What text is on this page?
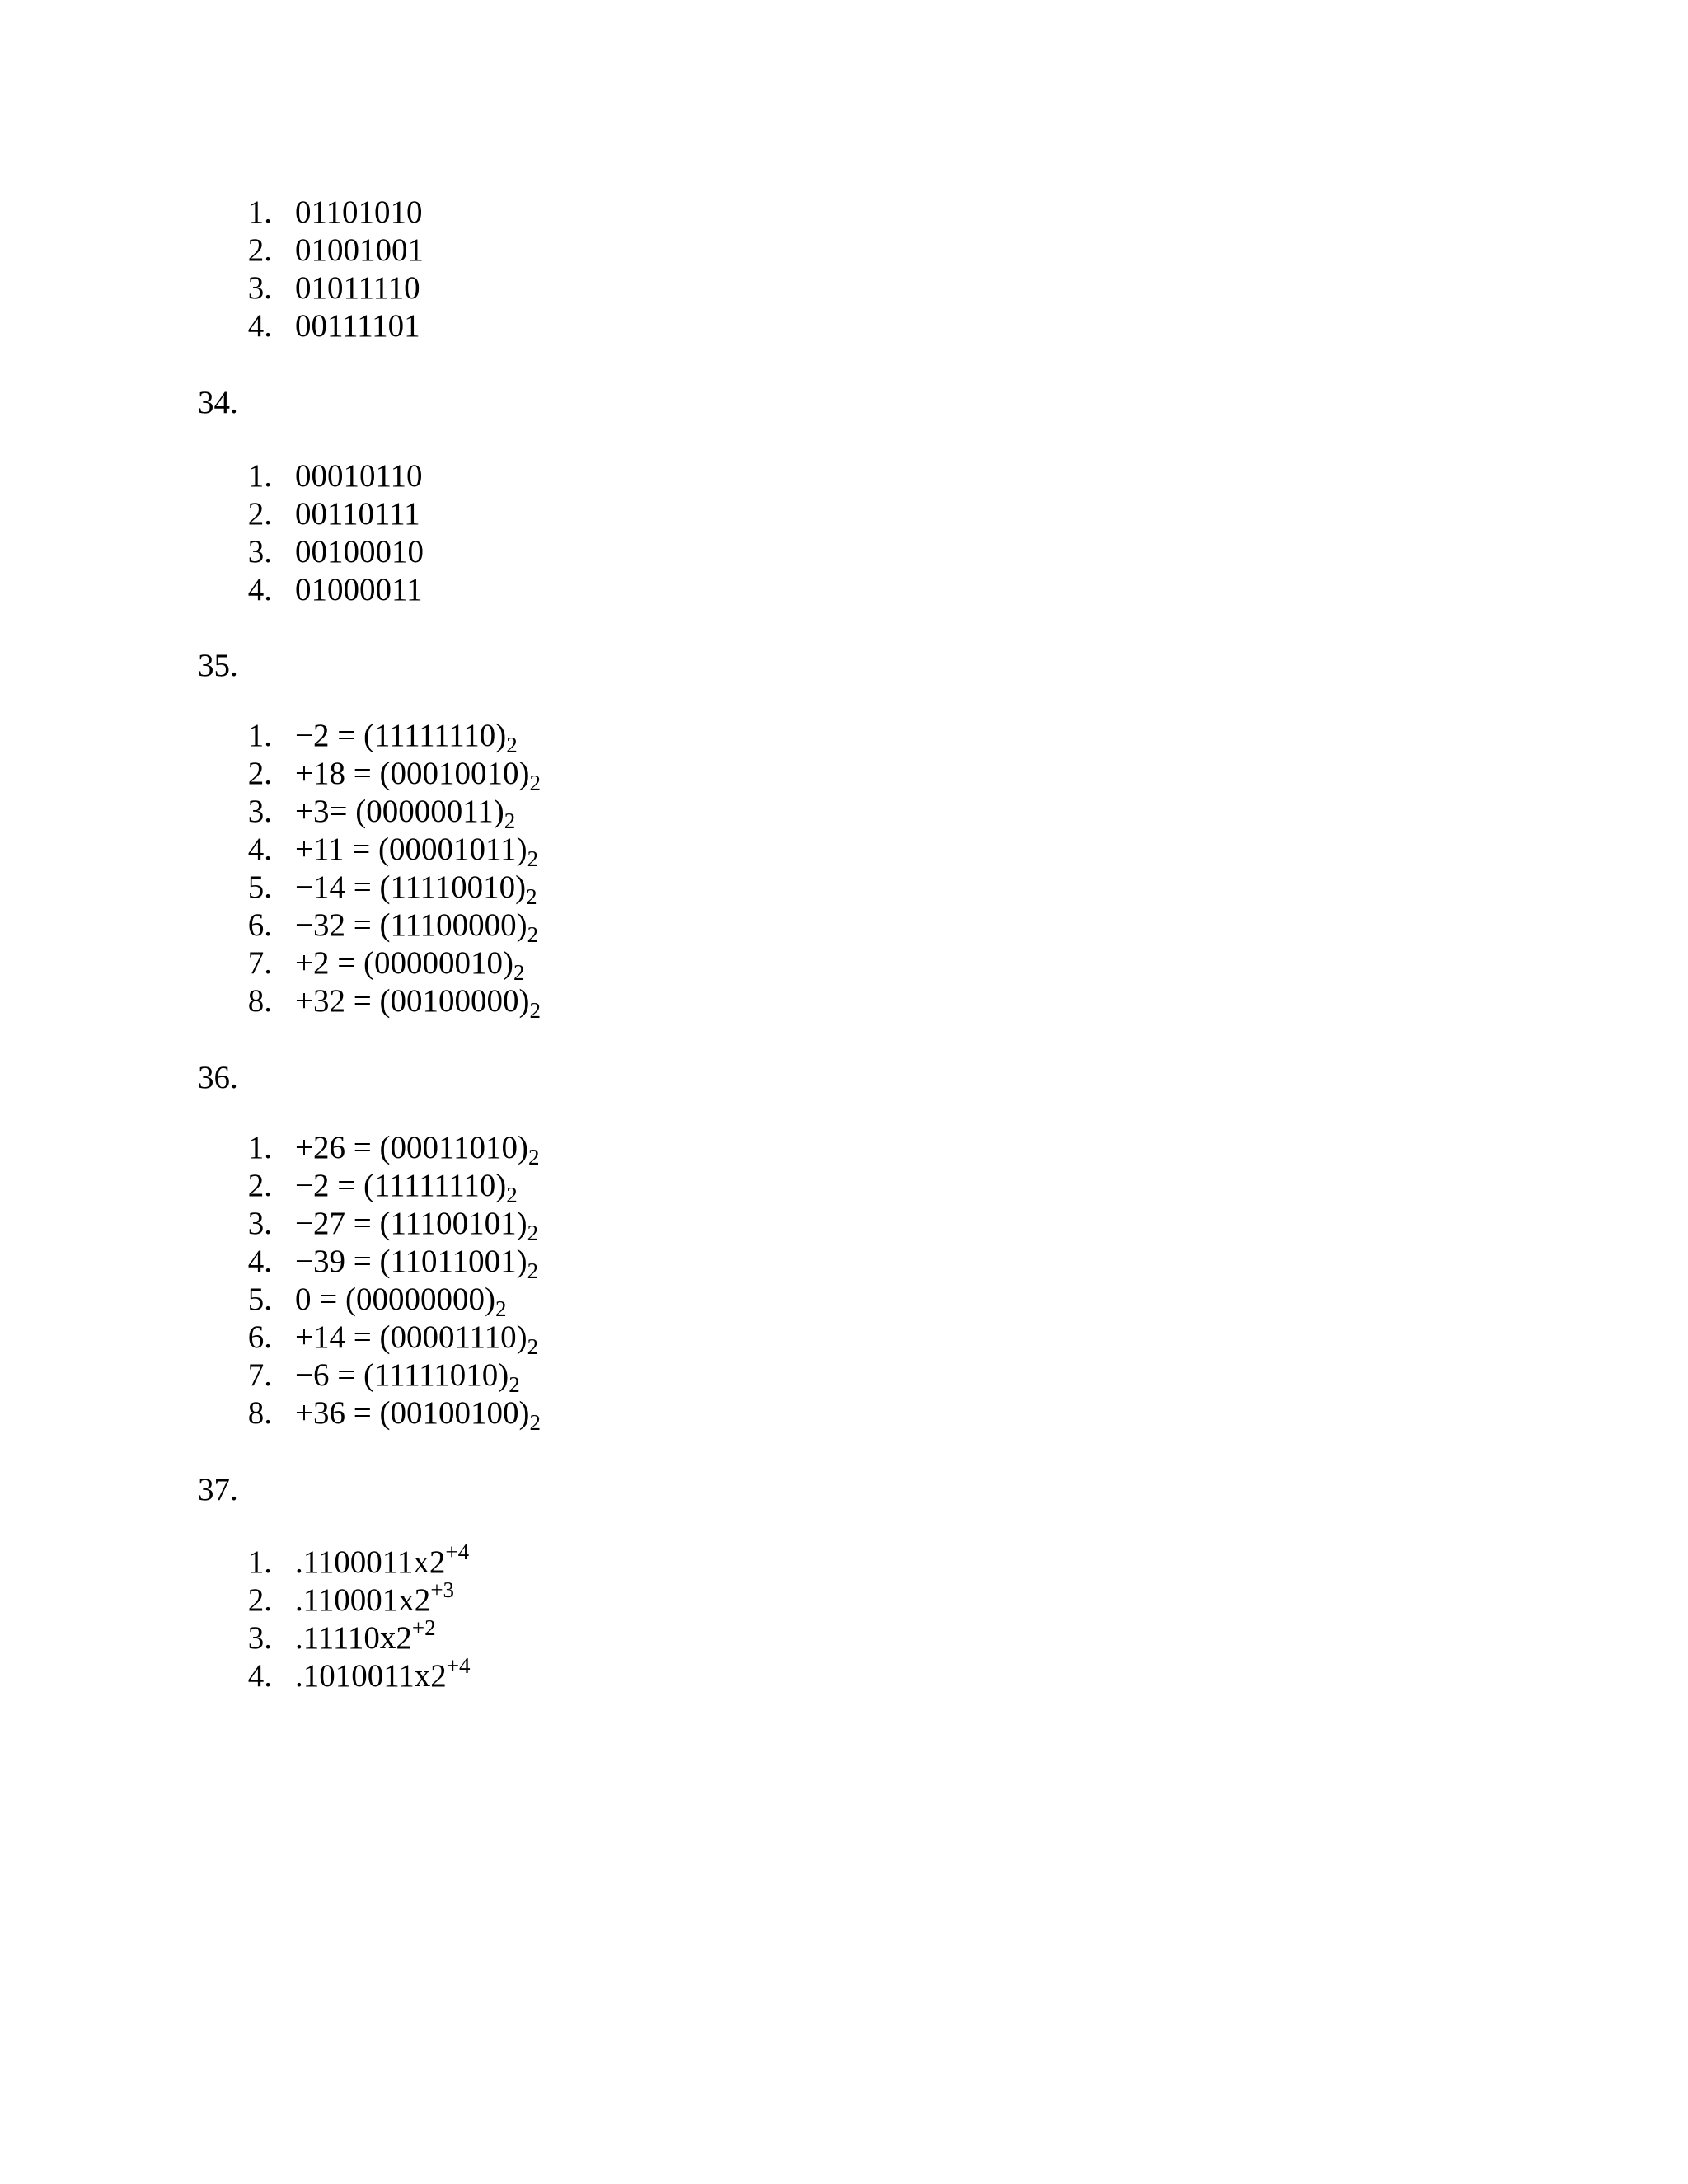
1. 01101010
2. 01001001
3. 01011110
4. 00111101
34.
1. 00010110
2. 00110111
3. 00100010
4. 01000011
35.
1. $-2 = (11111110)_2$
2. $+18 = (00010010)_2$
3. $+3= (00000011)_2$
4. $+11 = (00001011)_2$
5. $-14 = (11110010)_2$
6. $-32 = (11100000)_2$
7. $+2 = (00000010)_2$
8. $+32 = (00100000)_2$
36.
1. $+26 = (00011010)_2$
2. $-2 = (11111110)_2$
3. $-27 = (11100101)_2$
4. $-39 = (11011001)_2$
5. $0 = (00000000)_2$
6. $+14 = (00001110)_2$
7. $-6 = (11111010)_2$
8. $+36 = (00100100)_2$
37.
1. $.1100011x2^{+4}$
2. $.110001x2^{+3}$
3. $.11110x2^{+2}$
4. $.1010011x2^{+4}$
